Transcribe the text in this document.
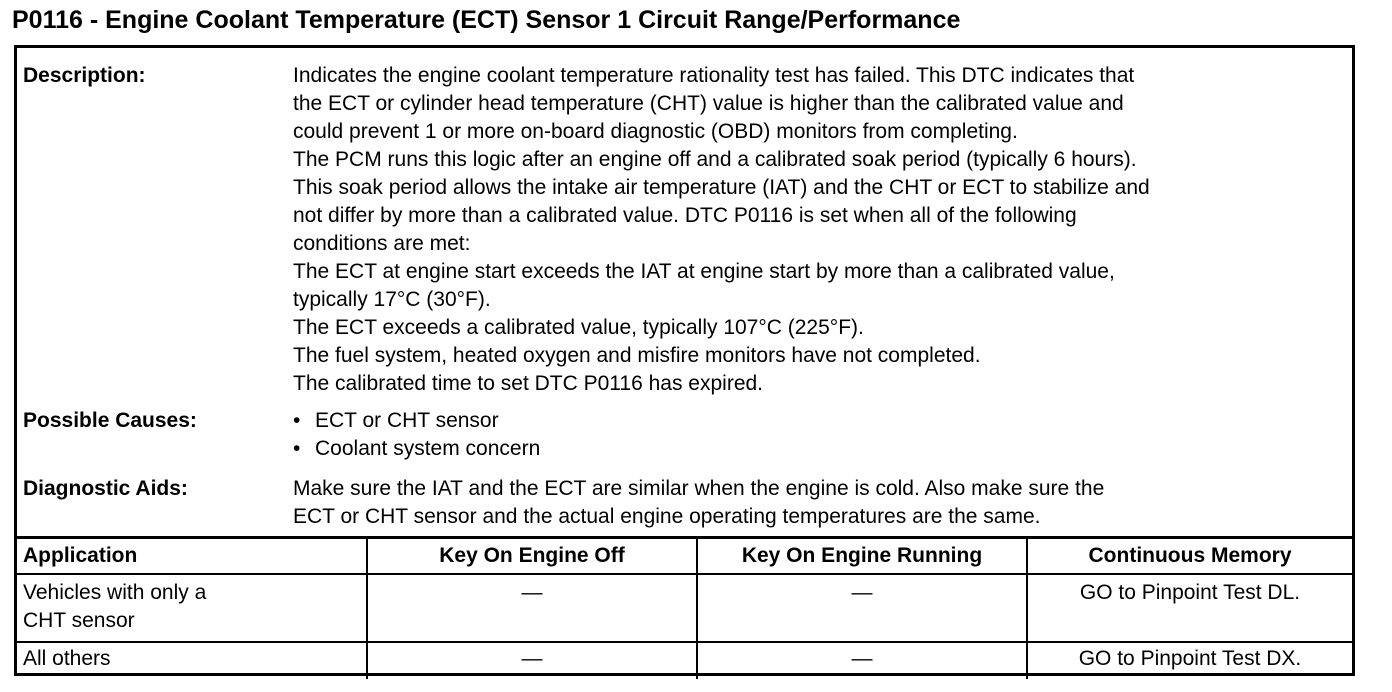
P0116 - Engine Coolant Temperature (ECT) Sensor 1 Circuit Range/Performance
Description:	Indicates the engine coolant temperature rationality test has failed. This DTC indicates that
the ECT or cylinder head temperature (CHT) value is higher than the calibrated value and
could prevent 1 or more on-board diagnostic (OBD) monitors from completing.
The PCM runs this logic after an engine off and a calibrated soak period (typically 6 hours).
This soak period allows the intake air temperature (IAT) and the CHT or ECT to stabilize and
not differ by more than a calibrated value. DTC P0116 is set when all of the following
conditions are met:
The ECT at engine start exceeds the IAT at engine start by more than a calibrated value,
typically 17°C (30°F).
The ECT exceeds a calibrated value, typically 107°C (225°F).
The fuel system, heated oxygen and misfire monitors have not completed.
The calibrated time to set DTC P0116 has expired.
Possible Causes:	• ECT or CHT sensor
• Coolant system concern
Diagnostic Aids:	Make sure the IAT and the ECT are similar when the engine is cold. Also make sure the
ECT or CHT sensor and the actual engine operating temperatures are the same.
Application	Key On Engine Off	Key On Engine Running	Continuous Memory

Vehicles with only a
CHT sensor	—	—	GO to Pinpoint Test DL.

All others	—	—	GO to Pinpoint Test DX.
